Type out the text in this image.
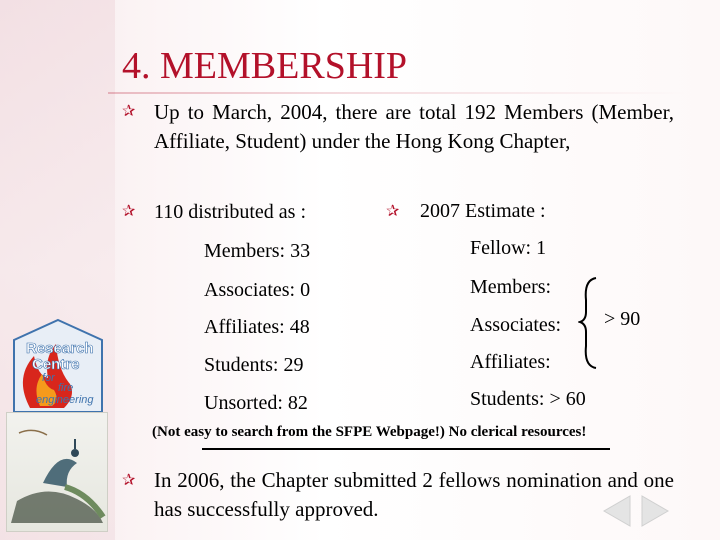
4. MEMBERSHIP
✰ Up to March, 2004, there are total 192 Members (Member, Affiliate, Student) under the Hong Kong Chapter,
✰ 110 distributed as :	✰ 2007 Estimate :
Members: 33
Associates: 0
Affiliates: 48
Students: 29
Unsorted: 82
Fellow: 1
Members:
Associates:
Affiliates:
Students: > 60
> 90
(Not easy to search from the SFPE Webpage!) No clerical resources!
✰ In 2006, the Chapter submitted 2 fellows nomination and one has successfully approved.
Research
Centre
for
fire
engineering
